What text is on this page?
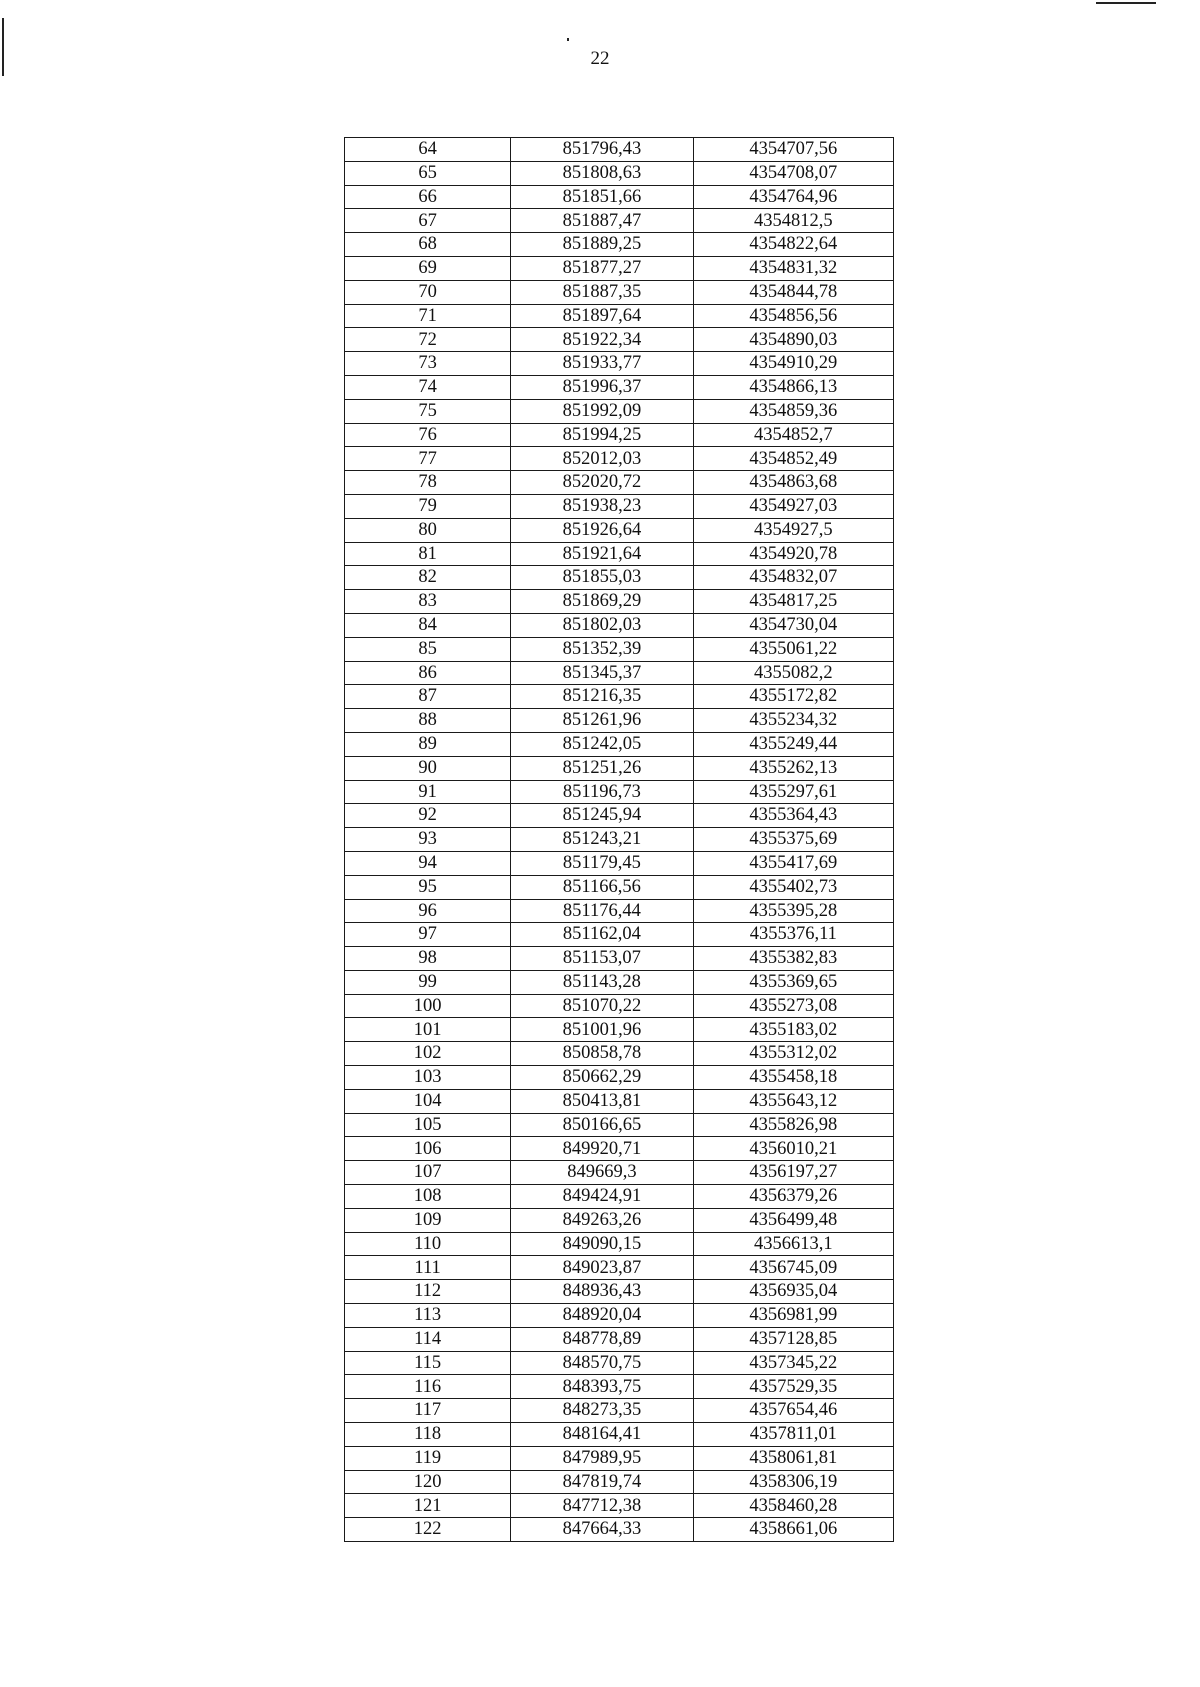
22
64	851796,43	4354707,56
65	851808,63	4354708,07
66	851851,66	4354764,96
67	851887,47	4354812,5
68	851889,25	4354822,64
69	851877,27	4354831,32
70	851887,35	4354844,78
71	851897,64	4354856,56
72	851922,34	4354890,03
73	851933,77	4354910,29
74	851996,37	4354866,13
75	851992,09	4354859,36
76	851994,25	4354852,7
77	852012,03	4354852,49
78	852020,72	4354863,68
79	851938,23	4354927,03
80	851926,64	4354927,5
81	851921,64	4354920,78
82	851855,03	4354832,07
83	851869,29	4354817,25
84	851802,03	4354730,04
85	851352,39	4355061,22
86	851345,37	4355082,2
87	851216,35	4355172,82
88	851261,96	4355234,32
89	851242,05	4355249,44
90	851251,26	4355262,13
91	851196,73	4355297,61
92	851245,94	4355364,43
93	851243,21	4355375,69
94	851179,45	4355417,69
95	851166,56	4355402,73
96	851176,44	4355395,28
97	851162,04	4355376,11
98	851153,07	4355382,83
99	851143,28	4355369,65
100	851070,22	4355273,08
101	851001,96	4355183,02
102	850858,78	4355312,02
103	850662,29	4355458,18
104	850413,81	4355643,12
105	850166,65	4355826,98
106	849920,71	4356010,21
107	849669,3	4356197,27
108	849424,91	4356379,26
109	849263,26	4356499,48
110	849090,15	4356613,1
111	849023,87	4356745,09
112	848936,43	4356935,04
113	848920,04	4356981,99
114	848778,89	4357128,85
115	848570,75	4357345,22
116	848393,75	4357529,35
117	848273,35	4357654,46
118	848164,41	4357811,01
119	847989,95	4358061,81
120	847819,74	4358306,19
121	847712,38	4358460,28
122	847664,33	4358661,06
